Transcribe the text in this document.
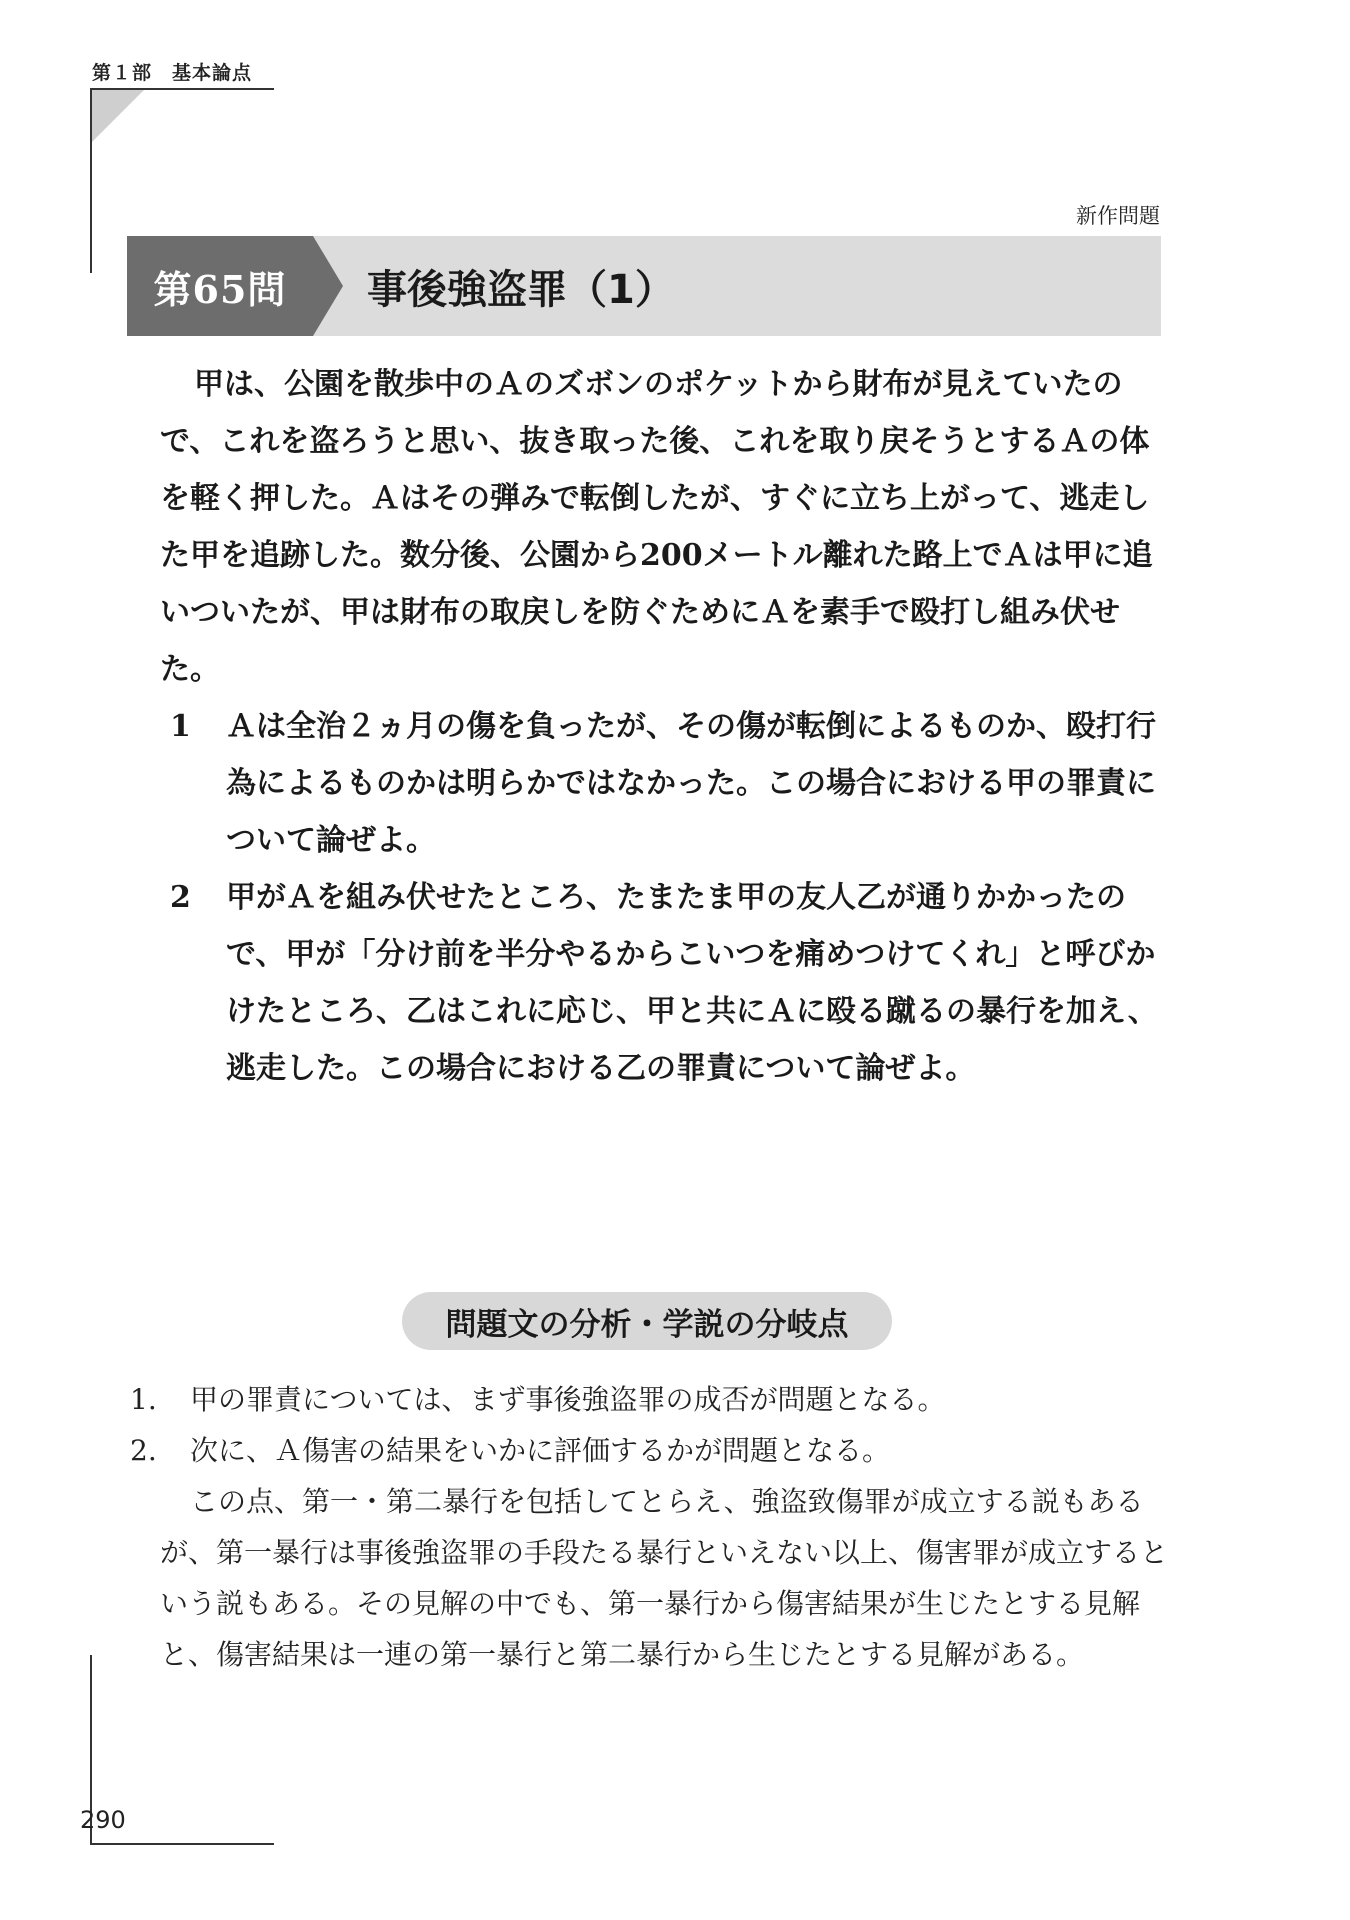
第１部　基本論点
新作問題
第65問	事後強盗罪（1）

甲は、公園を散歩中のＡのズボンのポケットから財布が見えていたので、これを盗ろうと思い、抜き取った後、これを取り戻そうとするＡの体を軽く押した。Ａはその弾みで転倒したが、すぐに立ち上がって、逃走した甲を追跡した。数分後、公園から200メートル離れた路上でＡは甲に追いついたが、甲は財布の取戻しを防ぐためにＡを素手で殴打し組み伏せた。

1	Ａは全治２ヵ月の傷を負ったが、その傷が転倒によるものか、殴打行為によるものかは明らかではなかった。この場合における甲の罪責について論ぜよ。
2	甲がＡを組み伏せたところ、たまたま甲の友人乙が通りかかったので、甲が「分け前を半分やるからこいつを痛めつけてくれ」と呼びかけたところ、乙はこれに応じ、甲と共にＡに殴る蹴るの暴行を加え、逃走した。この場合における乙の罪責について論ぜよ。
問題文の分析・学説の分岐点
1.	甲の罪責については、まず事後強盗罪の成否が問題となる。
2.	次に、Ａ傷害の結果をいかに評価するかが問題となる。

この点、第一・第二暴行を包括してとらえ、強盗致傷罪が成立する説もあるが、第一暴行は事後強盗罪の手段たる暴行といえない以上、傷害罪が成立するという説もある。その見解の中でも、第一暴行から傷害結果が生じたとする見解と、傷害結果は一連の第一暴行と第二暴行から生じたとする見解がある。

290
